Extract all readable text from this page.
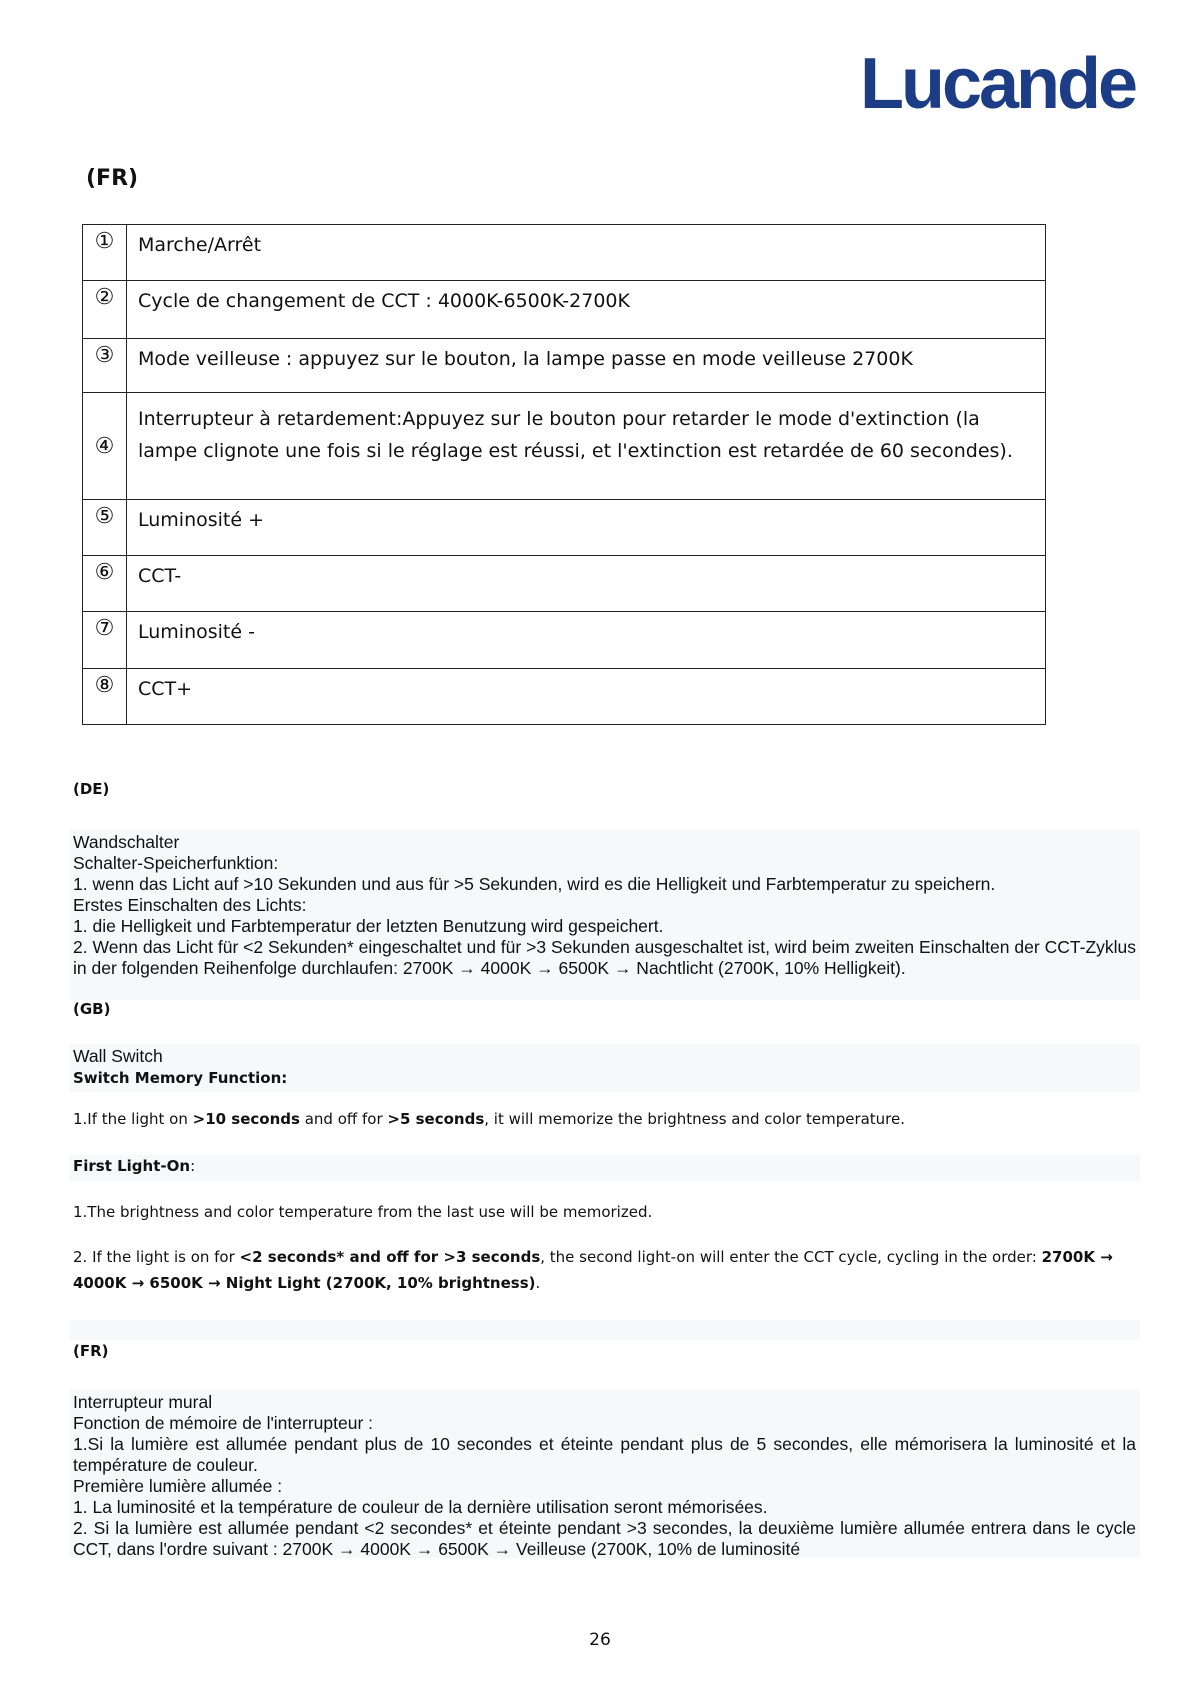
Lucande
(FR)
①	Marche/Arrêt
②	Cycle de changement de CCT : 4000K-6500K-2700K
③	Mode veilleuse : appuyez sur le bouton, la lampe passe en mode veilleuse 2700K
④	Interrupteur à retardement:Appuyez sur le bouton pour retarder le mode d'extinction (la lampe clignote une fois si le réglage est réussi, et l'extinction est retardée de 60 secondes).
⑤	Luminosité +
⑥	CCT-
⑦	Luminosité -
⑧	CCT+
(DE)

Wandschalter

Schalter-Speicherfunktion:

1. wenn das Licht auf >10 Sekunden und aus für >5 Sekunden, wird es die Helligkeit und Farbtemperatur zu speichern.

Erstes Einschalten des Lichts:

1. die Helligkeit und Farbtemperatur der letzten Benutzung wird gespeichert.

2. Wenn das Licht für <2 Sekunden* eingeschaltet und für >3 Sekunden ausgeschaltet ist, wird beim zweiten Einschalten der CCT-Zyklus in der folgenden Reihenfolge durchlaufen: 2700K → 4000K → 6500K → Nachtlicht (2700K, 10% Helligkeit).

(GB)
Wall Switch
Switch Memory Function:
1.If the light on >10 seconds and off for >5 seconds, it will memorize the brightness and color temperature.
First Light-On:
1.The brightness and color temperature from the last use will be memorized.
2. If the light is on for <2 seconds* and off for >3 seconds, the second light-on will enter the CCT cycle, cycling in the order: 2700K → 4000K → 6500K → Night Light (2700K, 10% brightness).
(FR)

Interrupteur mural

Fonction de mémoire de l'interrupteur :

1.Si la lumière est allumée pendant plus de 10 secondes et éteinte pendant plus de 5 secondes, elle mémorisera la luminosité et la température de couleur.

Première lumière allumée :

1. La luminosité et la température de couleur de la dernière utilisation seront mémorisées.

2. Si la lumière est allumée pendant <2 secondes* et éteinte pendant >3 secondes, la deuxième lumière allumée entrera dans le cycle CCT, dans l'ordre suivant : 2700K → 4000K → 6500K → Veilleuse (2700K, 10% de luminosité

26
